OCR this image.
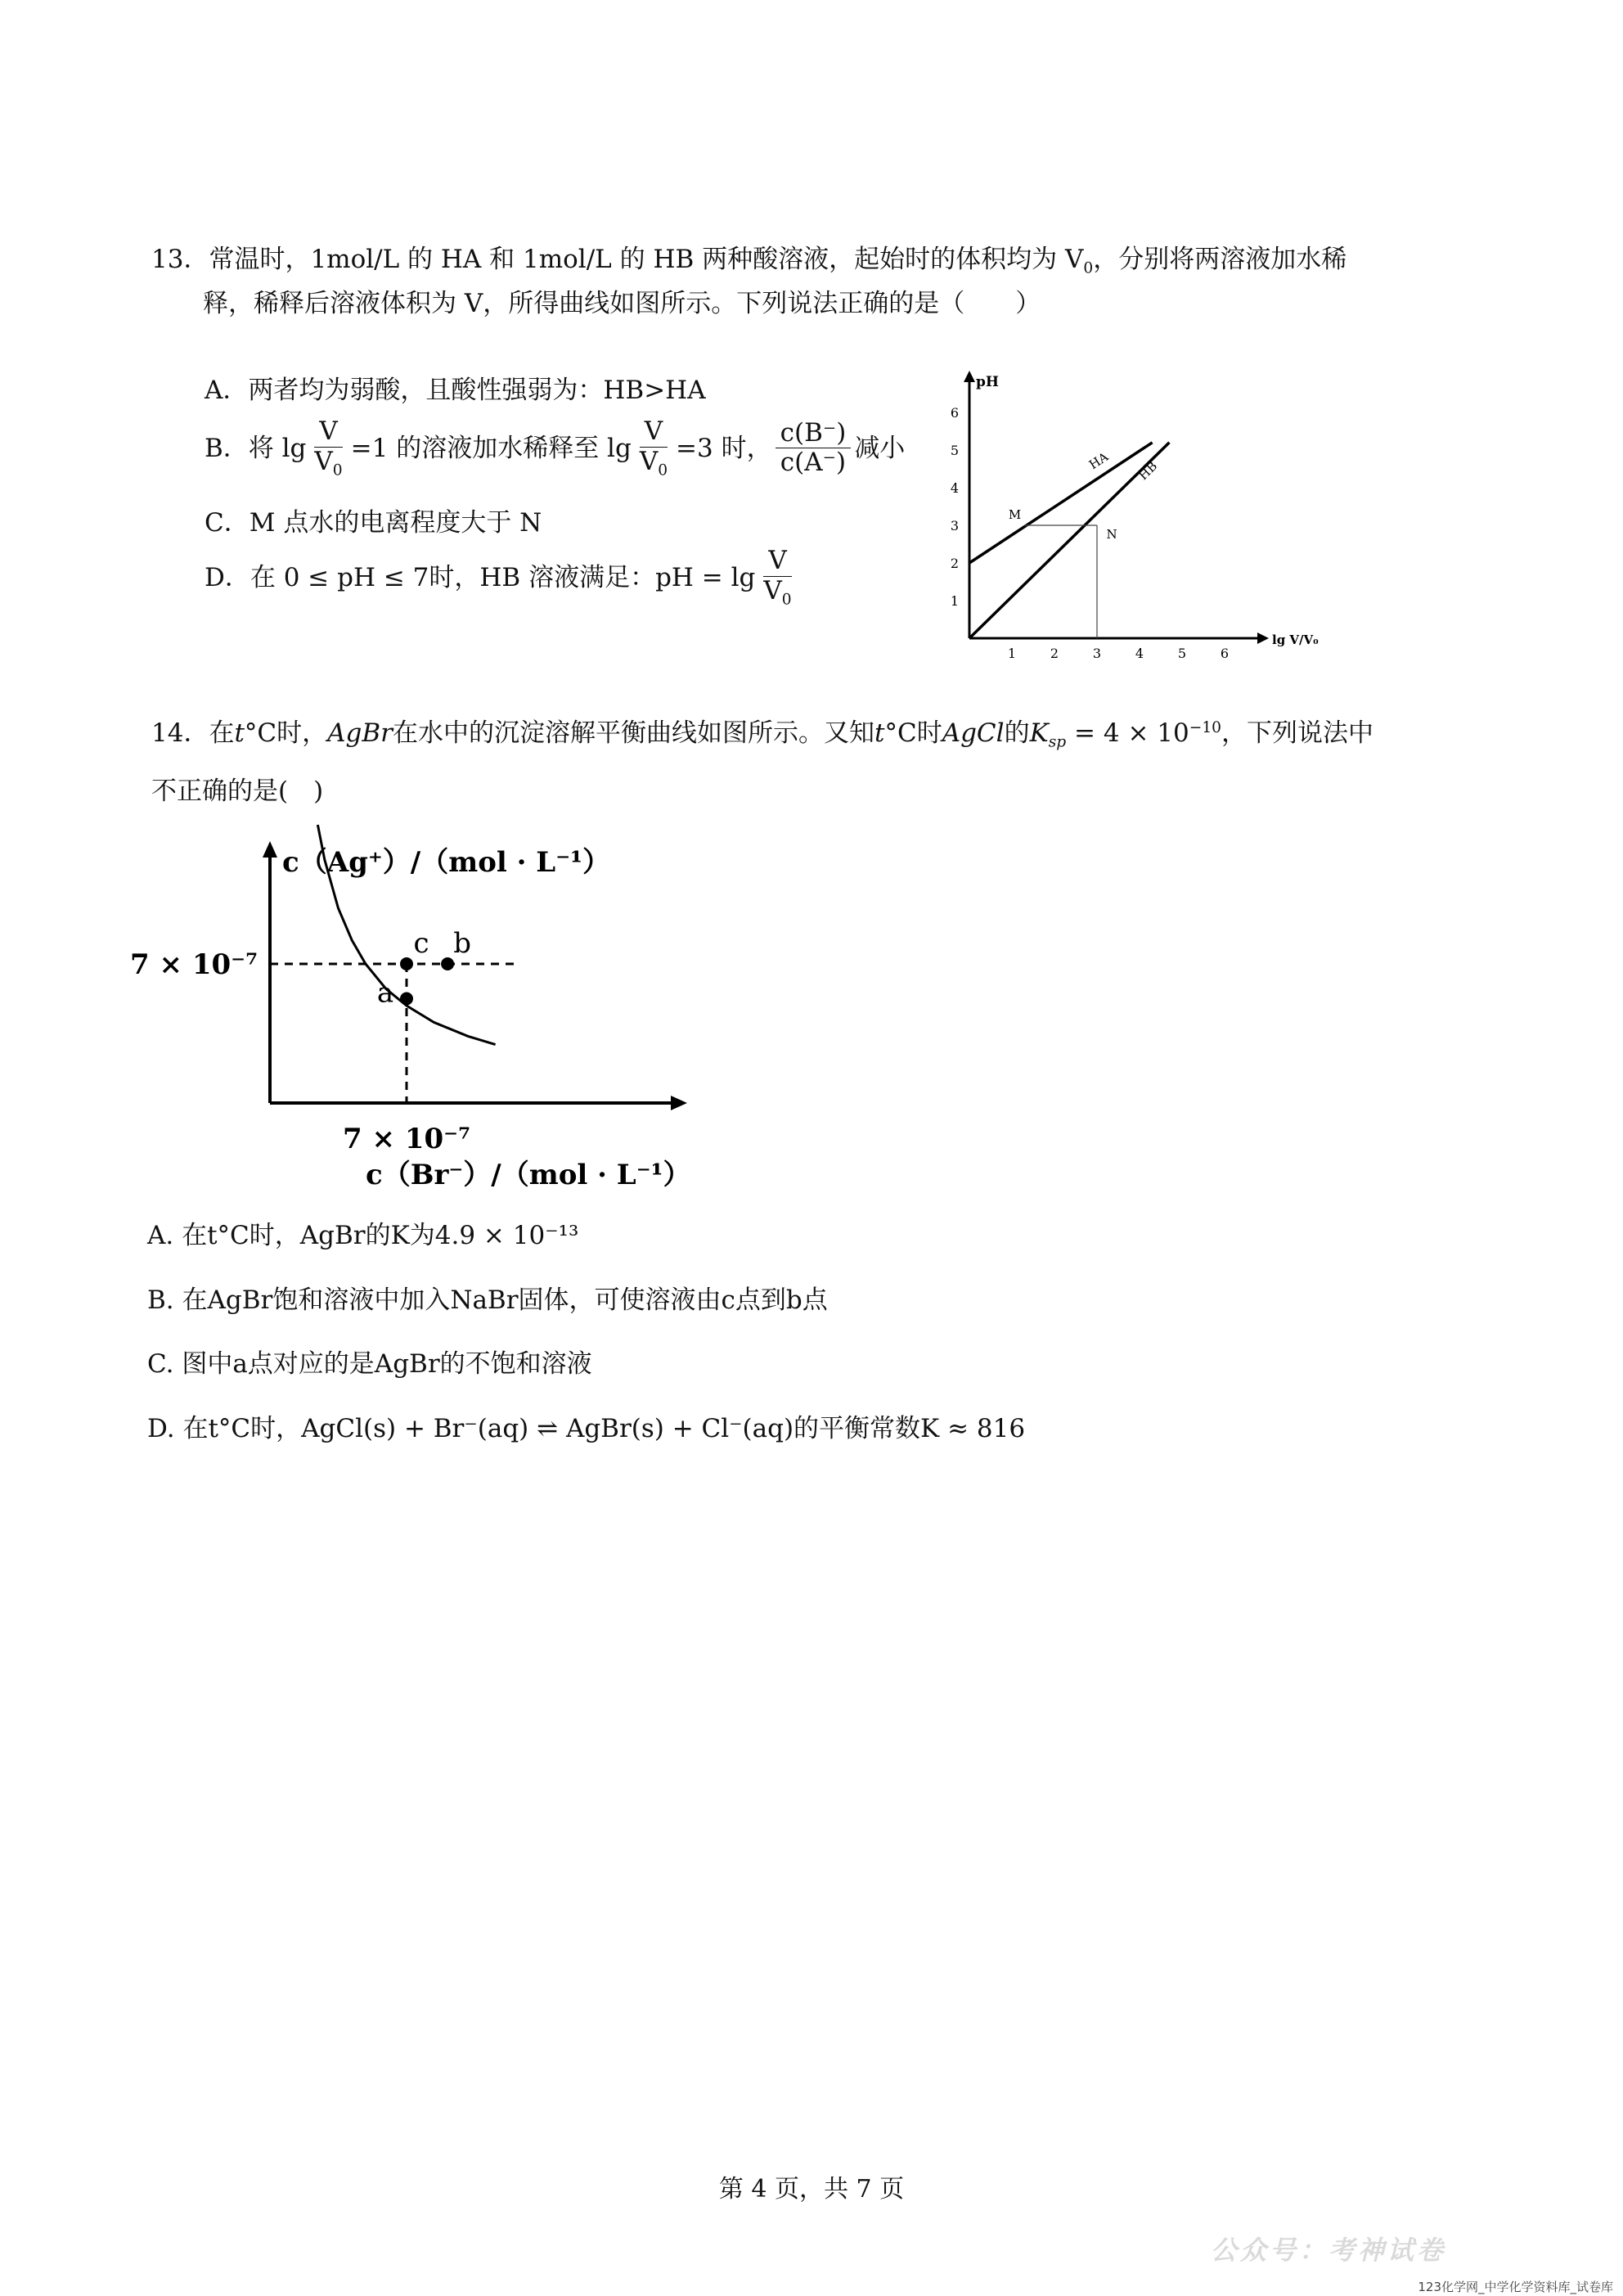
13．常温时，1mol/L 的 HA 和 1mol/L 的 HB 两种酸溶液，起始时的体积均为 $V_0$，分别将两溶液加水稀
释，稀释后溶液体积为 V，所得曲线如图所示。下列说法正确的是（　　）
A．两者均为弱酸，且酸性强弱为：HB>HA
B．将 $\lg \frac{V}{V_0} =1$ 的溶液加水稀释至 $\lg \frac{V}{V_0} =3$ 时， $\frac{c(B^-)}{c(A^-)}$ 减小
C．M 点水的电离程度大于 N
D．在 0 ≤ pH ≤ 7时，HB 溶液满足：pH = $\lg \frac{V}{V_0}$
pH
lg V/V₀
1	2	3	4	5	6
1
2
3
4
5
6
HA HB
M
N
14．在t°C时，AgBr在水中的沉淀溶解平衡曲线如图所示。又知t°C时AgCl的$K_{sp} = 4 \times 10^{-10}$，下列说法中
不正确的是(　)
c（Ag⁺）/（mol · L⁻¹）
c（Br⁻）/（mol · L⁻¹）
7 × 10⁻⁷
7 × 10⁻⁷
c b
a
A. 在t°C时，AgBr的K为4.9 × 10⁻¹³
B. 在AgBr饱和溶液中加入NaBr固体，可使溶液由c点到b点
C. 图中a点对应的是AgBr的不饱和溶液
D. 在t°C时，AgCl(s) + Br⁻(aq) ⇌ AgBr(s) + Cl⁻(aq)的平衡常数K ≈ 816
第 4 页，共 7 页
公众号：考神试卷
123化学网_中学化学资料库_试卷库
